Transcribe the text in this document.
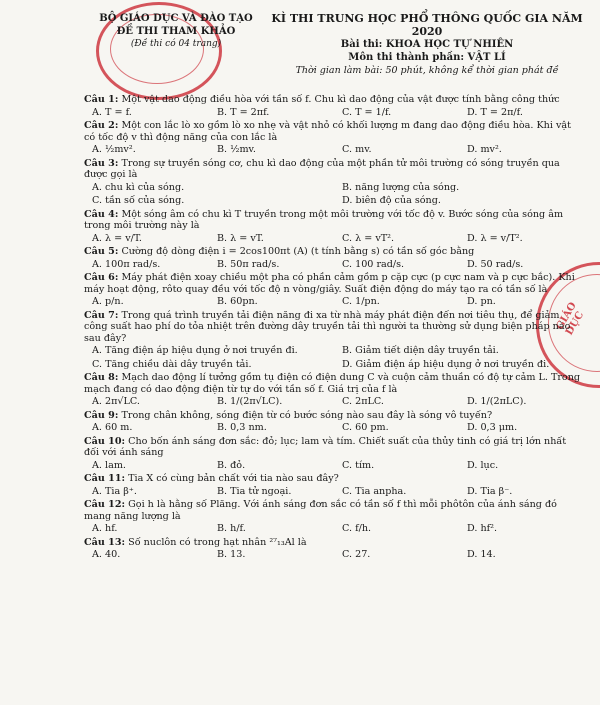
GIÁO DỤC
BỘ GIÁO DỤC VÀ ĐÀO TẠO
ĐỀ THI THAM KHẢO
(Đề thi có 04 trang)
KÌ THI TRUNG HỌC PHỔ THÔNG QUỐC GIA NĂM 2020
Bài thi: KHOA HỌC TỰ NHIÊN
Môn thi thành phần: VẬT LÍ
Thời gian làm bài: 50 phút, không kể thời gian phát đề

Câu 1: Một vật dao động điều hòa với tần số f. Chu kì dao động của vật được tính bằng công thức

A. T = f.	B. T = 2πf.	C. T = 1/f.	D. T = 2π/f.

Câu 2: Một con lắc lò xo gồm lò xo nhẹ và vật nhỏ có khối lượng m đang dao động điều hòa. Khi vật có tốc độ v thì động năng của con lắc là

A. ½mv².	B. ½mv.	C. mv.	D. mv².

Câu 3: Trong sự truyền sóng cơ, chu kì dao động của một phần tử môi trường có sóng truyền qua được gọi là

A. chu kì của sóng.	B. năng lượng của sóng.
C. tần số của sóng.	D. biên độ của sóng.

Câu 4: Một sóng âm có chu kì T truyền trong một môi trường với tốc độ v. Bước sóng của sóng âm trong môi trường này là

A. λ = v/T.	B. λ = vT.	C. λ = vT².	D. λ = v/T².

Câu 5: Cường độ dòng điện i = 2cos100πt (A) (t tính bằng s) có tần số góc bằng

A. 100π rad/s.	B. 50π rad/s.	C. 100 rad/s.	D. 50 rad/s.

Câu 6: Máy phát điện xoay chiều một pha có phần cảm gồm p cặp cực (p cực nam và p cực bắc). Khi máy hoạt động, rôto quay đều với tốc độ n vòng/giây. Suất điện động do máy tạo ra có tần số là

A. p/n.	B. 60pn.	C. 1/pn.	D. pn.

Câu 7: Trong quá trình truyền tải điện năng đi xa từ nhà máy phát điện đến nơi tiêu thụ, để giảm công suất hao phí do tỏa nhiệt trên đường dây truyền tải thì người ta thường sử dụng biện pháp nào sau đây?

A. Tăng điện áp hiệu dụng ở nơi truyền đi.	B. Giảm tiết diện dây truyền tải.
C. Tăng chiều dài dây truyền tải.	D. Giảm điện áp hiệu dụng ở nơi truyền đi.

Câu 8: Mạch dao động lí tưởng gồm tụ điện có điện dung C và cuộn cảm thuần có độ tự cảm L. Trong mạch đang có dao động điện từ tự do với tần số f. Giá trị của f là

A. 2π√LC.	B. 1/(2π√LC).	C. 2πLC.	D. 1/(2πLC).

Câu 9: Trong chân không, sóng điện từ có bước sóng nào sau đây là sóng vô tuyến?

A. 60 m.	B. 0,3 nm.	C. 60 pm.	D. 0,3 μm.

Câu 10: Cho bốn ánh sáng đơn sắc: đỏ; lục; lam và tím. Chiết suất của thủy tinh có giá trị lớn nhất đối với ánh sáng

A. lam.	B. đỏ.	C. tím.	D. lục.

Câu 11: Tia X có cùng bản chất với tia nào sau đây?

A. Tia β⁺.	B. Tia tử ngoại.	C. Tia anpha.	D. Tia β⁻.

Câu 12: Gọi h là hằng số Plăng. Với ánh sáng đơn sắc có tần số f thì mỗi phôtôn của ánh sáng đó mang năng lượng là

A. hf.	B. h/f.	C. f/h.	D. hf².

Câu 13: Số nuclôn có trong hạt nhân ²⁷₁₃Al là

A. 40.	B. 13.	C. 27.	D. 14.
